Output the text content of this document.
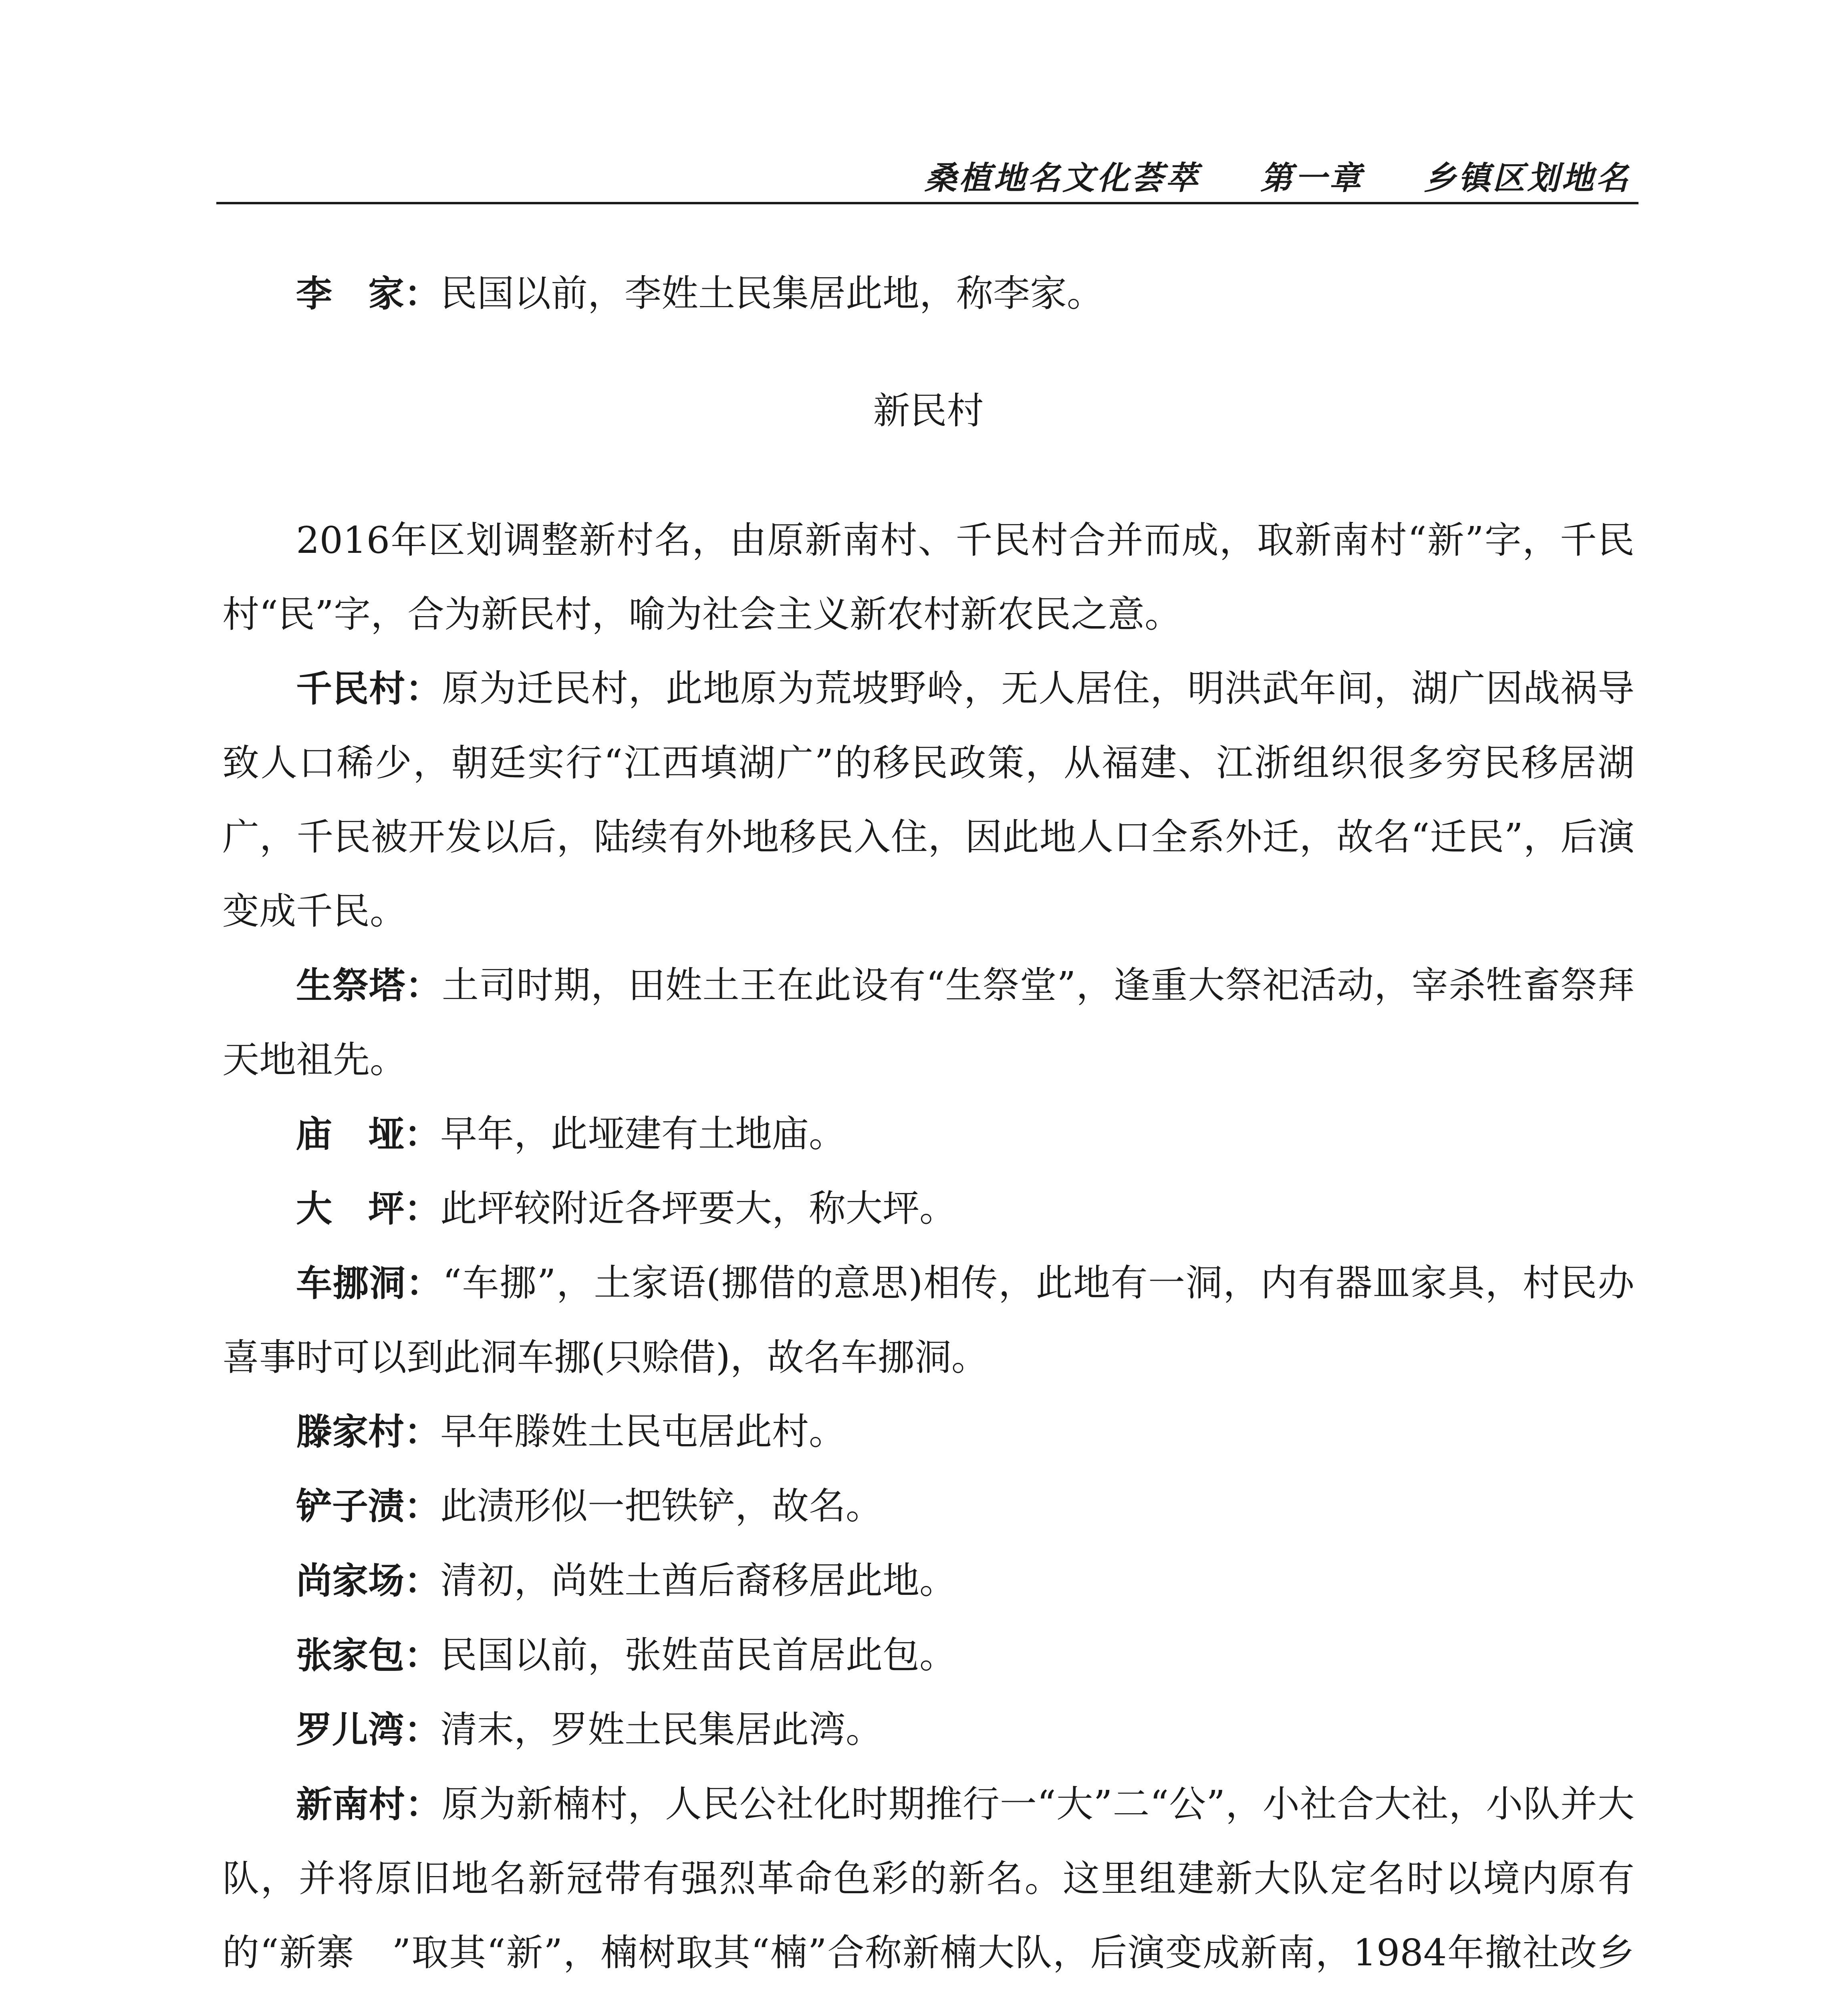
桑植地名文化荟萃 第一章 乡镇区划地名

李　家：民国以前，李姓土民集居此地，称李家。

新民村

2016年区划调整新村名，由原新南村、千民村合并而成，取新南村“新”字，千民村“民”字，合为新民村，喻为社会主义新农村新农民之意。

千民村：原为迁民村，此地原为荒坡野岭，无人居住，明洪武年间，湖广因战祸导致人口稀少，朝廷实行“江西填湖广”的移民政策，从福建、江浙组织很多穷民移居湖广，千民被开发以后，陆续有外地移民入住，因此地人口全系外迁，故名“迁民”，后演变成千民。

生祭塔：土司时期，田姓土王在此设有“生祭堂”，逢重大祭祀活动，宰杀牲畜祭拜天地祖先。

庙　垭：早年，此垭建有土地庙。

大　坪：此坪较附近各坪要大，称大坪。

车挪洞：“车挪”，土家语(挪借的意思)相传，此地有一洞，内有器皿家具，村民办喜事时可以到此洞车挪(只赊借)，故名车挪洞。

滕家村：早年滕姓土民屯居此村。

铲子渍：此渍形似一把铁铲，故名。

尚家场：清初，尚姓土酋后裔移居此地。

张家包：民国以前，张姓苗民首居此包。

罗儿湾：清末，罗姓土民集居此湾。

新南村：原为新楠村，人民公社化时期推行一“大”二“公”，小社合大社，小队并大队，并将原旧地名新冠带有强烈革命色彩的新名。这里组建新大队定名时以境内原有的“新寨　”取其“新”，楠树取其“楠”合称新楠大队，后演变成新南，1984年撤社改乡
